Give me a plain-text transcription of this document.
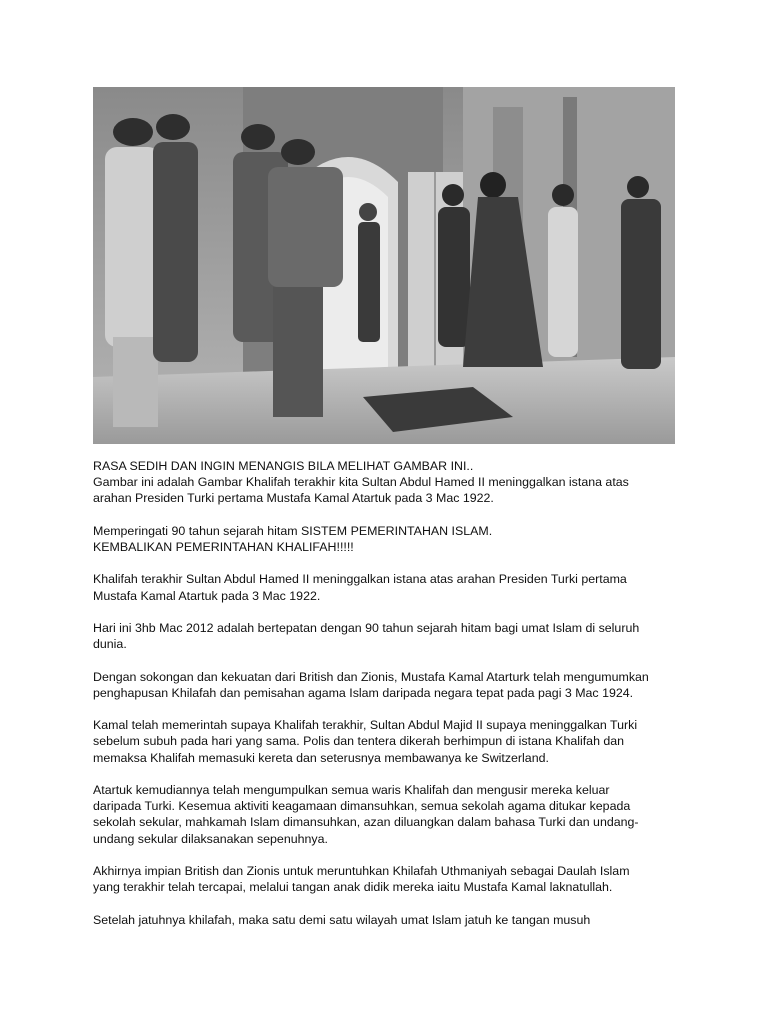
RASA SEDIH DAN INGIN MENANGIS BILA MELIHAT GAMBAR INI..
Gambar ini adalah Gambar Khalifah terakhir kita Sultan Abdul Hamed II meninggalkan istana atas
arahan Presiden Turki pertama Mustafa Kamal Atartuk pada 3 Mac 1922.

Memperingati 90 tahun sejarah hitam SISTEM PEMERINTAHAN ISLAM.
KEMBALIKAN PEMERINTAHAN KHALIFAH!!!!!

Khalifah terakhir Sultan Abdul Hamed II meninggalkan istana atas arahan Presiden Turki pertama
Mustafa Kamal Atartuk pada 3 Mac 1922.

Hari ini 3hb Mac 2012 adalah bertepatan dengan 90 tahun sejarah hitam bagi umat Islam di seluruh
dunia.

Dengan sokongan dan kekuatan dari British dan Zionis, Mustafa Kamal Atarturk telah mengumumkan
penghapusan Khilafah dan pemisahan agama Islam daripada negara tepat pada pagi 3 Mac 1924.

Kamal telah memerintah supaya Khalifah terakhir, Sultan Abdul Majid II supaya meninggalkan Turki
sebelum subuh pada hari yang sama. Polis dan tentera dikerah berhimpun di istana Khalifah dan
memaksa Khalifah memasuki kereta dan seterusnya membawanya ke Switzerland.

Atartuk kemudiannya telah mengumpulkan semua waris Khalifah dan mengusir mereka keluar
daripada Turki. Kesemua aktiviti keagamaan dimansuhkan, semua sekolah agama ditukar kepada
sekolah sekular, mahkamah Islam dimansuhkan, azan diluangkan dalam bahasa Turki dan undang-
undang sekular dilaksanakan sepenuhnya.

Akhirnya impian British dan Zionis untuk meruntuhkan Khilafah Uthmaniyah sebagai Daulah Islam
yang terakhir telah tercapai, melalui tangan anak didik mereka iaitu Mustafa Kamal laknatullah.

Setelah jatuhnya khilafah, maka satu demi satu wilayah umat Islam jatuh ke tangan musuh
